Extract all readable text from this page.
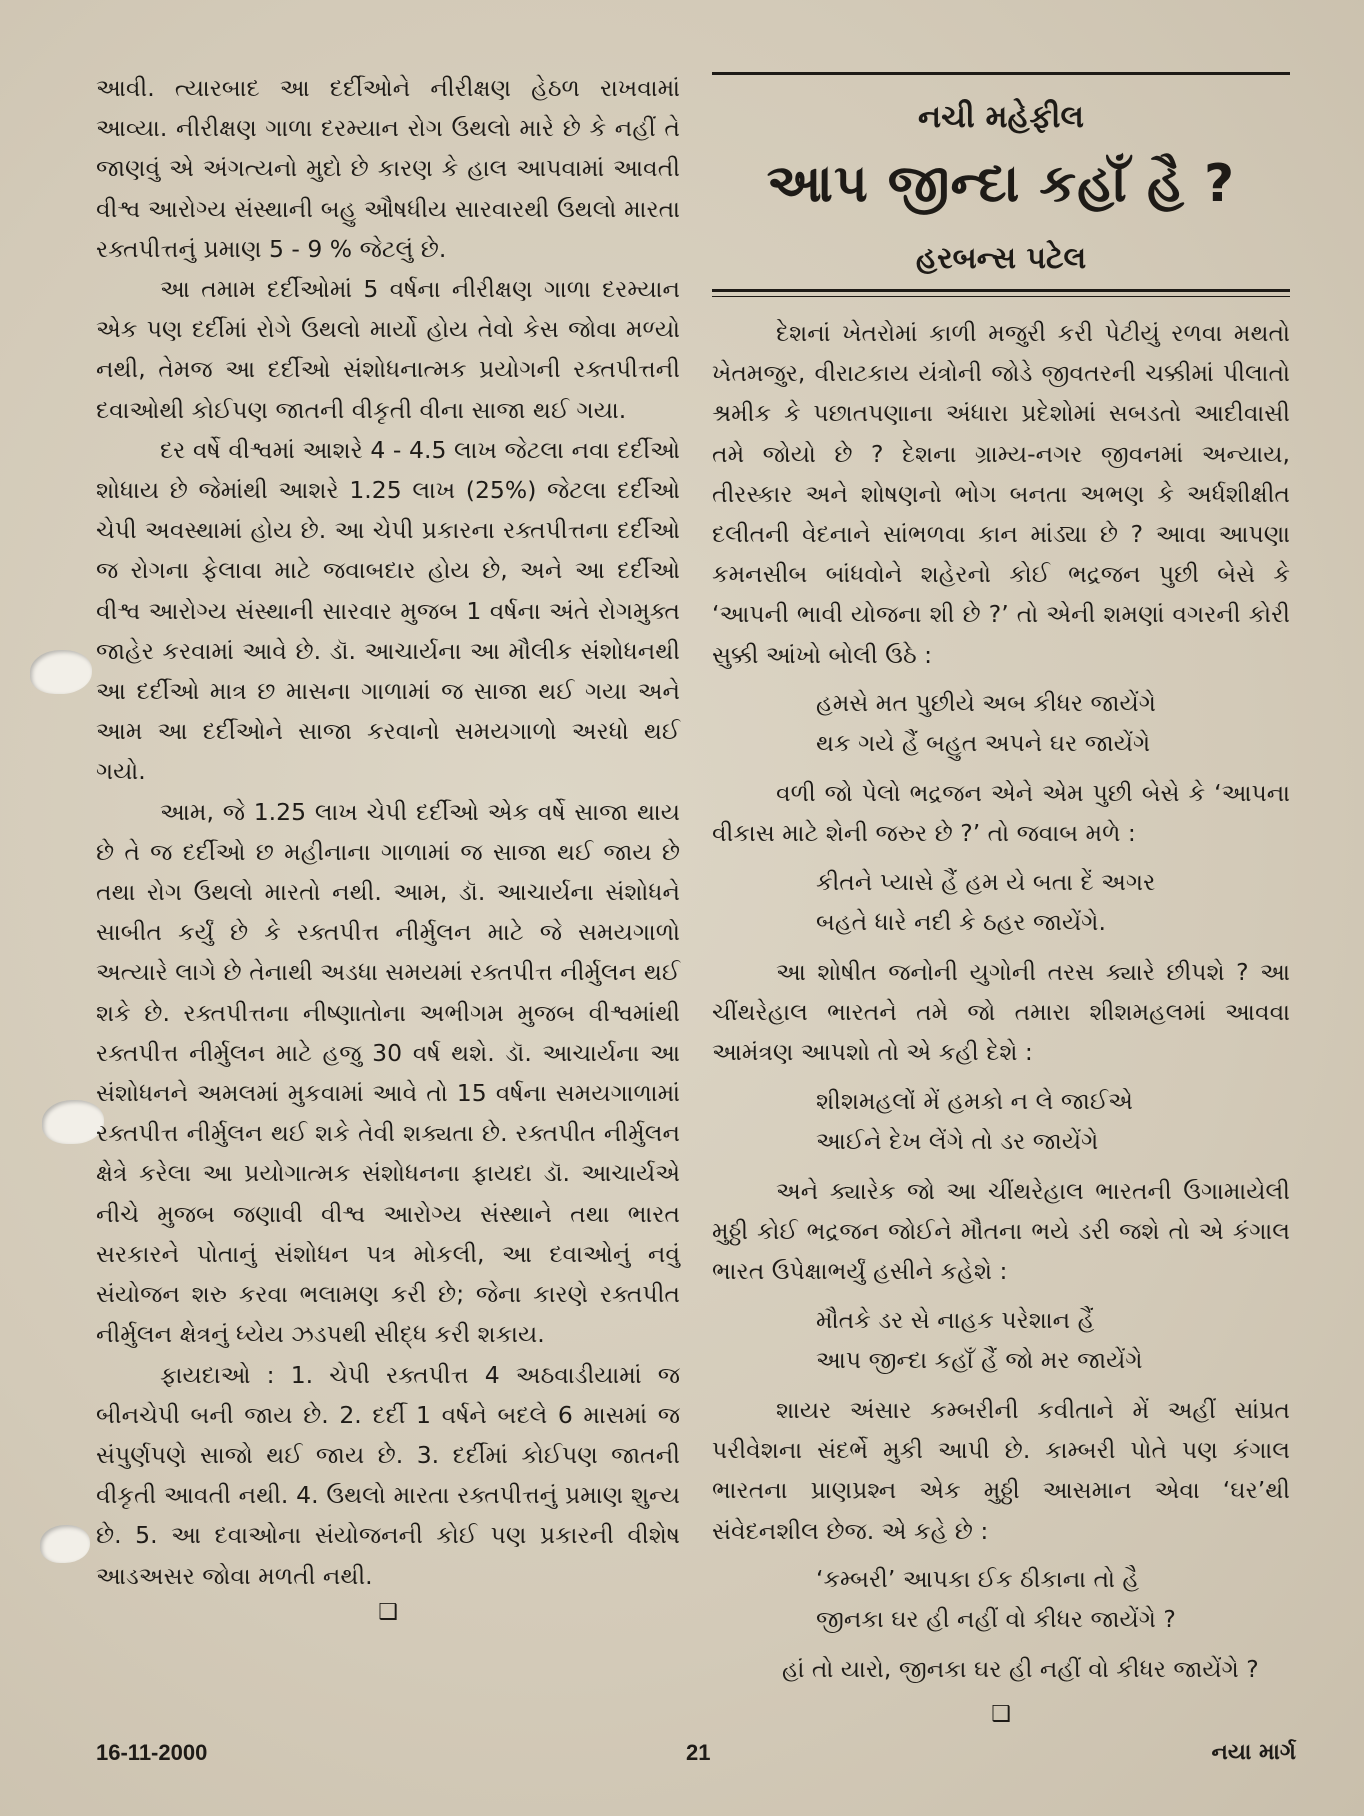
આવી. ત્યારબાદ આ દર્દીઓને નીરીક્ષણ હેઠળ રાખવામાં આવ્યા. નીરીક્ષણ ગાળા દરમ્યાન રોગ ઉથલો મારે છે કે નહીં તે જાણવું એ અંગત્યનો મુદો છે કારણ કે હાલ આપવામાં આવતી વીશ્વ આરોગ્ય સંસ્થાની બહુ ઔષધીય સારવારથી ઉથલો મારતા રક્તપીત્તનું પ્રમાણ 5 - 9 % જેટલું છે.

આ તમામ દર્દીઓમાં 5 વર્ષના નીરીક્ષણ ગાળા દરમ્યાન એક પણ દર્દીમાં રોગે ઉથલો માર્યો હોય તેવો કેસ જોવા મળ્યો નથી, તેમજ આ દર્દીઓ સંશોધનાત્મક પ્રયોગની રક્તપીત્તની દવાઓથી કોઈપણ જાતની વીકૃતી વીના સાજા થઈ ગયા.

દર વર્ષે વીશ્વમાં આશરે 4 - 4.5 લાખ જેટલા નવા દર્દીઓ શોધાય છે જેમાંથી આશરે 1.25 લાખ (25%) જેટલા દર્દીઓ ચેપી અવસ્થામાં હોય છે. આ ચેપી પ્રકારના રક્તપીત્તના દર્દીઓ જ રોગના ફેલાવા માટે જવાબદાર હોય છે, અને આ દર્દીઓ વીશ્વ આરોગ્ય સંસ્થાની સારવાર મુજબ 1 વર્ષના અંતે રોગમુક્ત જાહેર કરવામાં આવે છે. ડૉ. આચાર્યના આ મૌલીક સંશોધનથી આ દર્દીઓ માત્ર છ માસના ગાળામાં જ સાજા થઈ ગયા અને આમ આ દર્દીઓને સાજા કરવાનો સમયગાળો અરધો થઈ ગયો.

આમ, જે 1.25 લાખ ચેપી દર્દીઓ એક વર્ષે સાજા થાય છે તે જ દર્દીઓ છ મહીનાના ગાળામાં જ સાજા થઈ જાય છે તથા રોગ ઉથલો મારતો નથી. આમ, ડૉ. આચાર્યના સંશોધને સાબીત કર્યું છે કે રક્તપીત્ત નીર્મુલન માટે જે સમયગાળો અત્યારે લાગે છે તેનાથી અડધા સમયમાં રક્તપીત્ત નીર્મુલન થઈ શકે છે. રક્તપીત્તના નીષ્ણાતોના અભીગમ મુજબ વીશ્વમાંથી રક્તપીત્ત નીર્મુલન માટે હજુ 30 વર્ષ થશે. ડૉ. આચાર્યના આ સંશોધનને અમલમાં મુકવામાં આવે તો 15 વર્ષના સમયગાળામાં રક્તપીત્ત નીર્મુલન થઈ શકે તેવી શક્યતા છે. રક્તપીત નીર્મુલન ક્ષેત્રે કરેલા આ પ્રયોગાત્મક સંશોધનના ફાયદા ડૉ. આચાર્યએ નીચે મુજબ જણાવી વીશ્વ આરોગ્ય સંસ્થાને તથા ભારત સરકારને પોતાનું સંશોધન પત્ર મોકલી, આ દવાઓનું નવું સંયોજન શરુ કરવા ભલામણ કરી છે; જેના કારણે રક્તપીત નીર્મુલન ક્ષેત્રનું ધ્યેય ઝડપથી સીદ્ધ કરી શકાય.

ફાયદાઓ : 1. ચેપી રક્તપીત્ત 4 અઠવાડીયામાં જ બીનચેપી બની જાય છે. 2. દર્દી 1 વર્ષને બદલે 6 માસમાં જ સંપુર્ણપણે સાજો થઈ જાય છે. 3. દર્દીમાં કોઈપણ જાતની વીકૃતી આવતી નથી. 4. ઉથલો મારતા રક્તપીત્તનું પ્રમાણ શુન્ય છે. 5. આ દવાઓના સંયોજનની કોઈ પણ પ્રકારની વીશેષ આડઅસર જોવા મળતી નથી.

❑

નચી મહેફીલ
આપ જીન્દા કહાઁ હૈ ?
હરબન્સ પટેલ

દેશનાં ખેતરોમાં કાળી મજુરી કરી પેટીયું રળવા મથતો ખેતમજુર, વીરાટકાય યંત્રોની જોડે જીવતરની ચક્કીમાં પીલાતો શ્રમીક કે પછાતપણાના અંધારા પ્રદેશોમાં સબડતો આદીવાસી તમે જોયો છે ? દેશના ગ્રામ્ય-નગર જીવનમાં અન્યાય, તીરસ્કાર અને શોષણનો ભોગ બનતા અભણ કે અર્ધશીક્ષીત દલીતની વેદનાને સાંભળવા કાન માંડ્યા છે ? આવા આપણા કમનસીબ બાંધવોને શહેરનો કોઈ ભદ્રજન પુછી બેસે કે ‘આપની ભાવી યોજના શી છે ?’ તો એની શમણાં વગરની કોરી સુક્કી આંખો બોલી ઉઠે :

હમસે મત પુછીયે અબ કીધર જાયેંગે
થક ગયે હૈં બહુત અપને ઘર જાયેંગે

વળી જો પેલો ભદ્રજન એને એમ પુછી બેસે કે ‘આપના વીકાસ માટે શેની જરુર છે ?’ તો જવાબ મળે :

કીતને પ્યાસે હૈં હમ યે બતા દેં અગર
બહતે ધારે નદી કે ઠહર જાયેંગે.

આ શોષીત જનોની યુગોની તરસ ક્યારે છીપશે ? આ ચીંથરેહાલ ભારતને તમે જો તમારા શીશમહલમાં આવવા આમંત્રણ આપશો તો એ કહી દેશે :

શીશમહલોં મેં હમકો ન લે જાઈએ
આઈને દેખ લેંગે તો ડર જાયેંગે

અને ક્યારેક જો આ ચીંથરેહાલ ભારતની ઉગામાયેલી મુઠ્ઠી કોઈ ભદ્રજન જોઈને મૌતના ભયે ડરી જશે તો એ કંગાલ ભારત ઉપેક્ષાભર્યું હસીને કહેશે :

મૌતકે ડર સે નાહક પરેશાન હૈં
આપ જીન્દા કહાઁ હૈં જો મર જાયેંગે

શાયર અંસાર કમ્બરીની કવીતાને મેં અહીં સાંપ્રત પરીવેશના સંદર્ભે મુકી આપી છે. કામ્બરી પોતે પણ કંગાલ ભારતના પ્રાણપ્રશ્ન એક મુઠ્ઠી આસમાન એવા ‘ઘર’થી સંવેદનશીલ છેજ. એ કહે છે :

‘કમ્બરી’ આપકા ઈક ઠીકાના તો હૈ
જીનકા ઘર હી નહીં વો કીધર જાયેંગે ?
હાં તો યારો, જીનકા ઘર હી નહીં વો કીધર જાયેંગે ?

❑

16-11-2000	21	નયા માર્ગ
